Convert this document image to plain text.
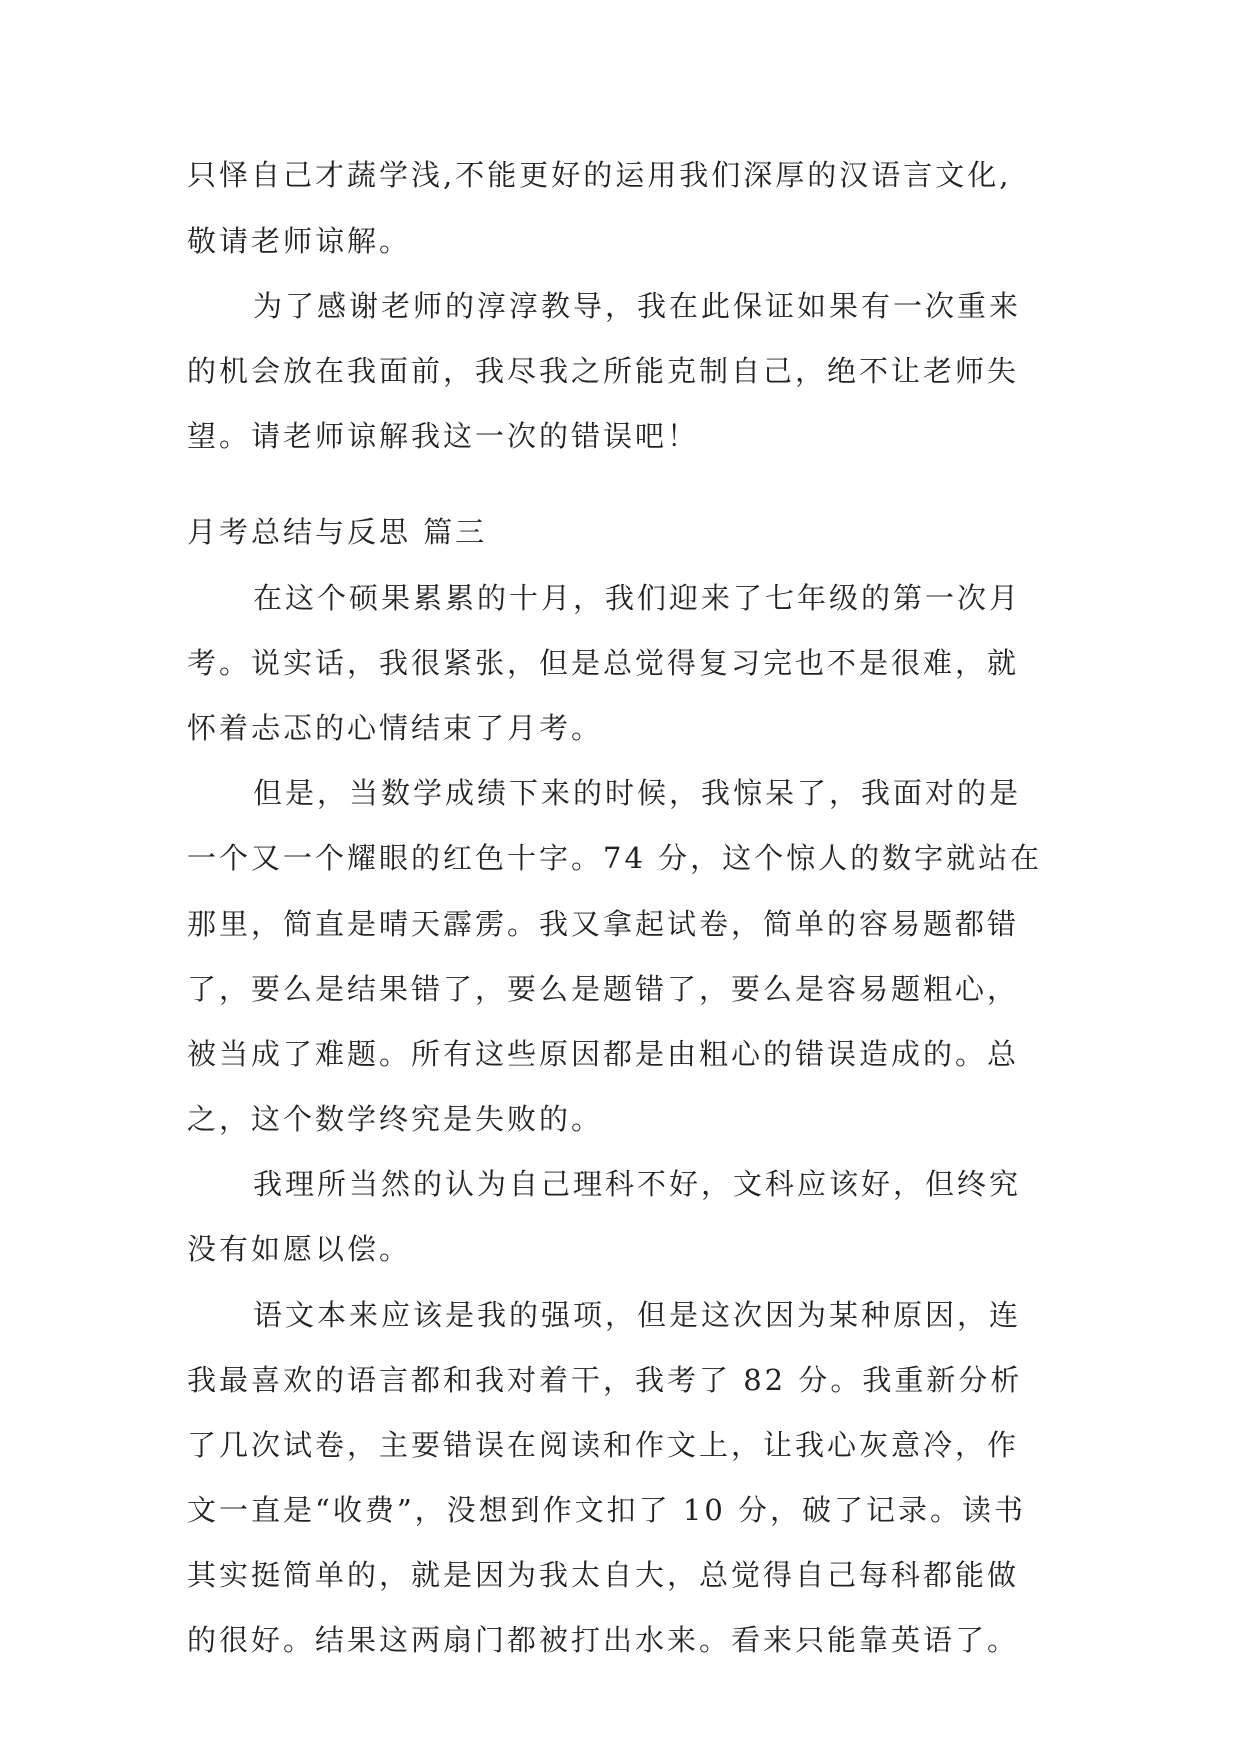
只怿自己才蔬学浅,不能更好的运用我们深厚的汉语言文化,
敬请老师谅解。
为了感谢老师的淳淳教导，我在此保证如果有一次重来
的机会放在我面前，我尽我之所能克制自己，绝不让老师失
望。请老师谅解我这一次的错误吧！
月考总结与反思 篇三
在这个硕果累累的十月，我们迎来了七年级的第一次月
考。说实话，我很紧张，但是总觉得复习完也不是很难，就
怀着忐忑的心情结束了月考。
但是，当数学成绩下来的时候，我惊呆了，我面对的是
一个又一个耀眼的红色十字。74 分，这个惊人的数字就站在
那里，简直是晴天霹雳。我又拿起试卷，简单的容易题都错
了，要么是结果错了，要么是题错了，要么是容易题粗心，
被当成了难题。所有这些原因都是由粗心的错误造成的。总
之，这个数学终究是失败的。
我理所当然的认为自己理科不好，文科应该好，但终究
没有如愿以偿。
语文本来应该是我的强项，但是这次因为某种原因，连
我最喜欢的语言都和我对着干，我考了 82 分。我重新分析
了几次试卷，主要错误在阅读和作文上，让我心灰意冷，作
文一直是“收费”，没想到作文扣了 10 分，破了记录。读书
其实挺简单的，就是因为我太自大，总觉得自己每科都能做
的很好。结果这两扇门都被打出水来。看来只能靠英语了。
